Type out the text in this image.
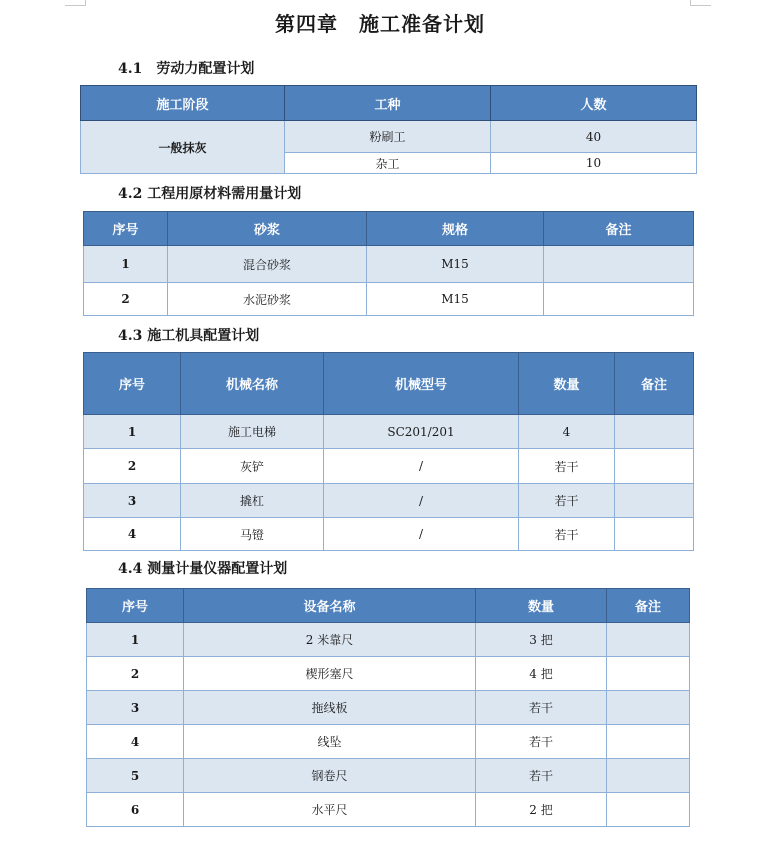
第四章　施工准备计划
4.1　劳动力配置计划
施工阶段	工种	人数
一般抹灰	粉刷工	40
	杂工	10
4.2 工程用原材料需用量计划
序号	砂浆	规格	备注
1	混合砂浆	M15	
2	水泥砂浆	M15	
4.3 施工机具配置计划
序号	机械名称	机械型号	数量	备注
1	施工电梯	SC201/201	4	
2	灰铲	/	若干	
3	撬杠	/	若干	
4	马镫	/	若干	
4.4 测量计量仪器配置计划
序号	设备名称	数量	备注
1	2 米靠尺	3 把	
2	楔形塞尺	4 把	
3	拖线板	若干	
4	线坠	若干	
5	钢卷尺	若干	
6	水平尺	2 把	
